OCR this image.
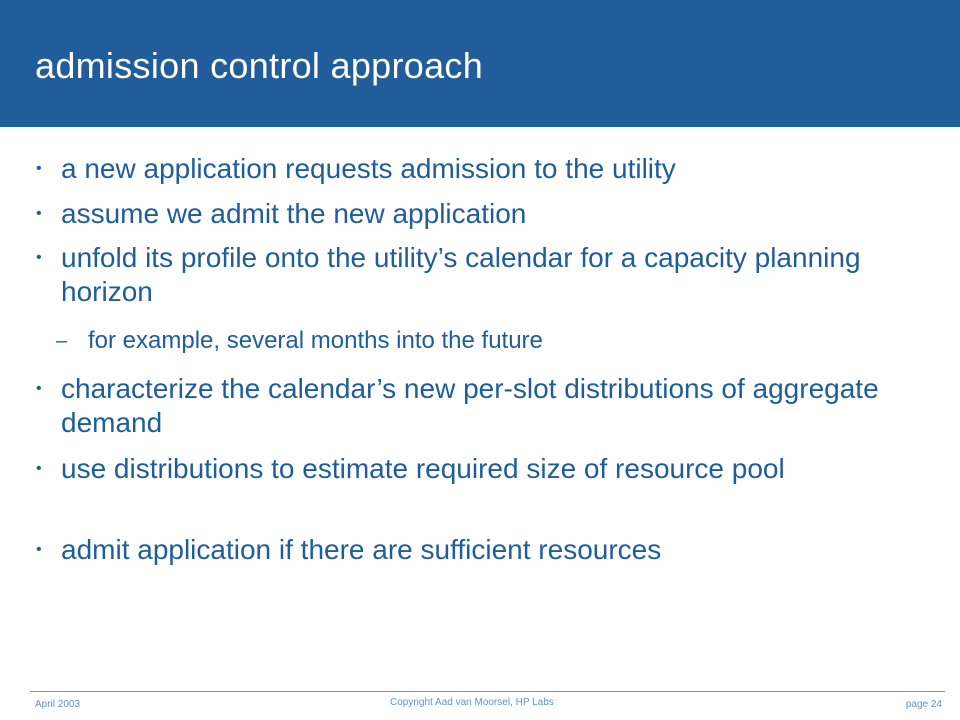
admission control approach
• a new application requests admission to the utility
• assume we admit the new application
• unfold its profile onto the utility’s calendar for a capacity planning horizon
– for example, several months into the future
• characterize the calendar’s new per-slot distributions of aggregate demand
• use distributions to estimate required size of resource pool
• admit application if there are sufficient resources
April 2003	Copyright Aad van Moorsel, HP Labs	page 24
